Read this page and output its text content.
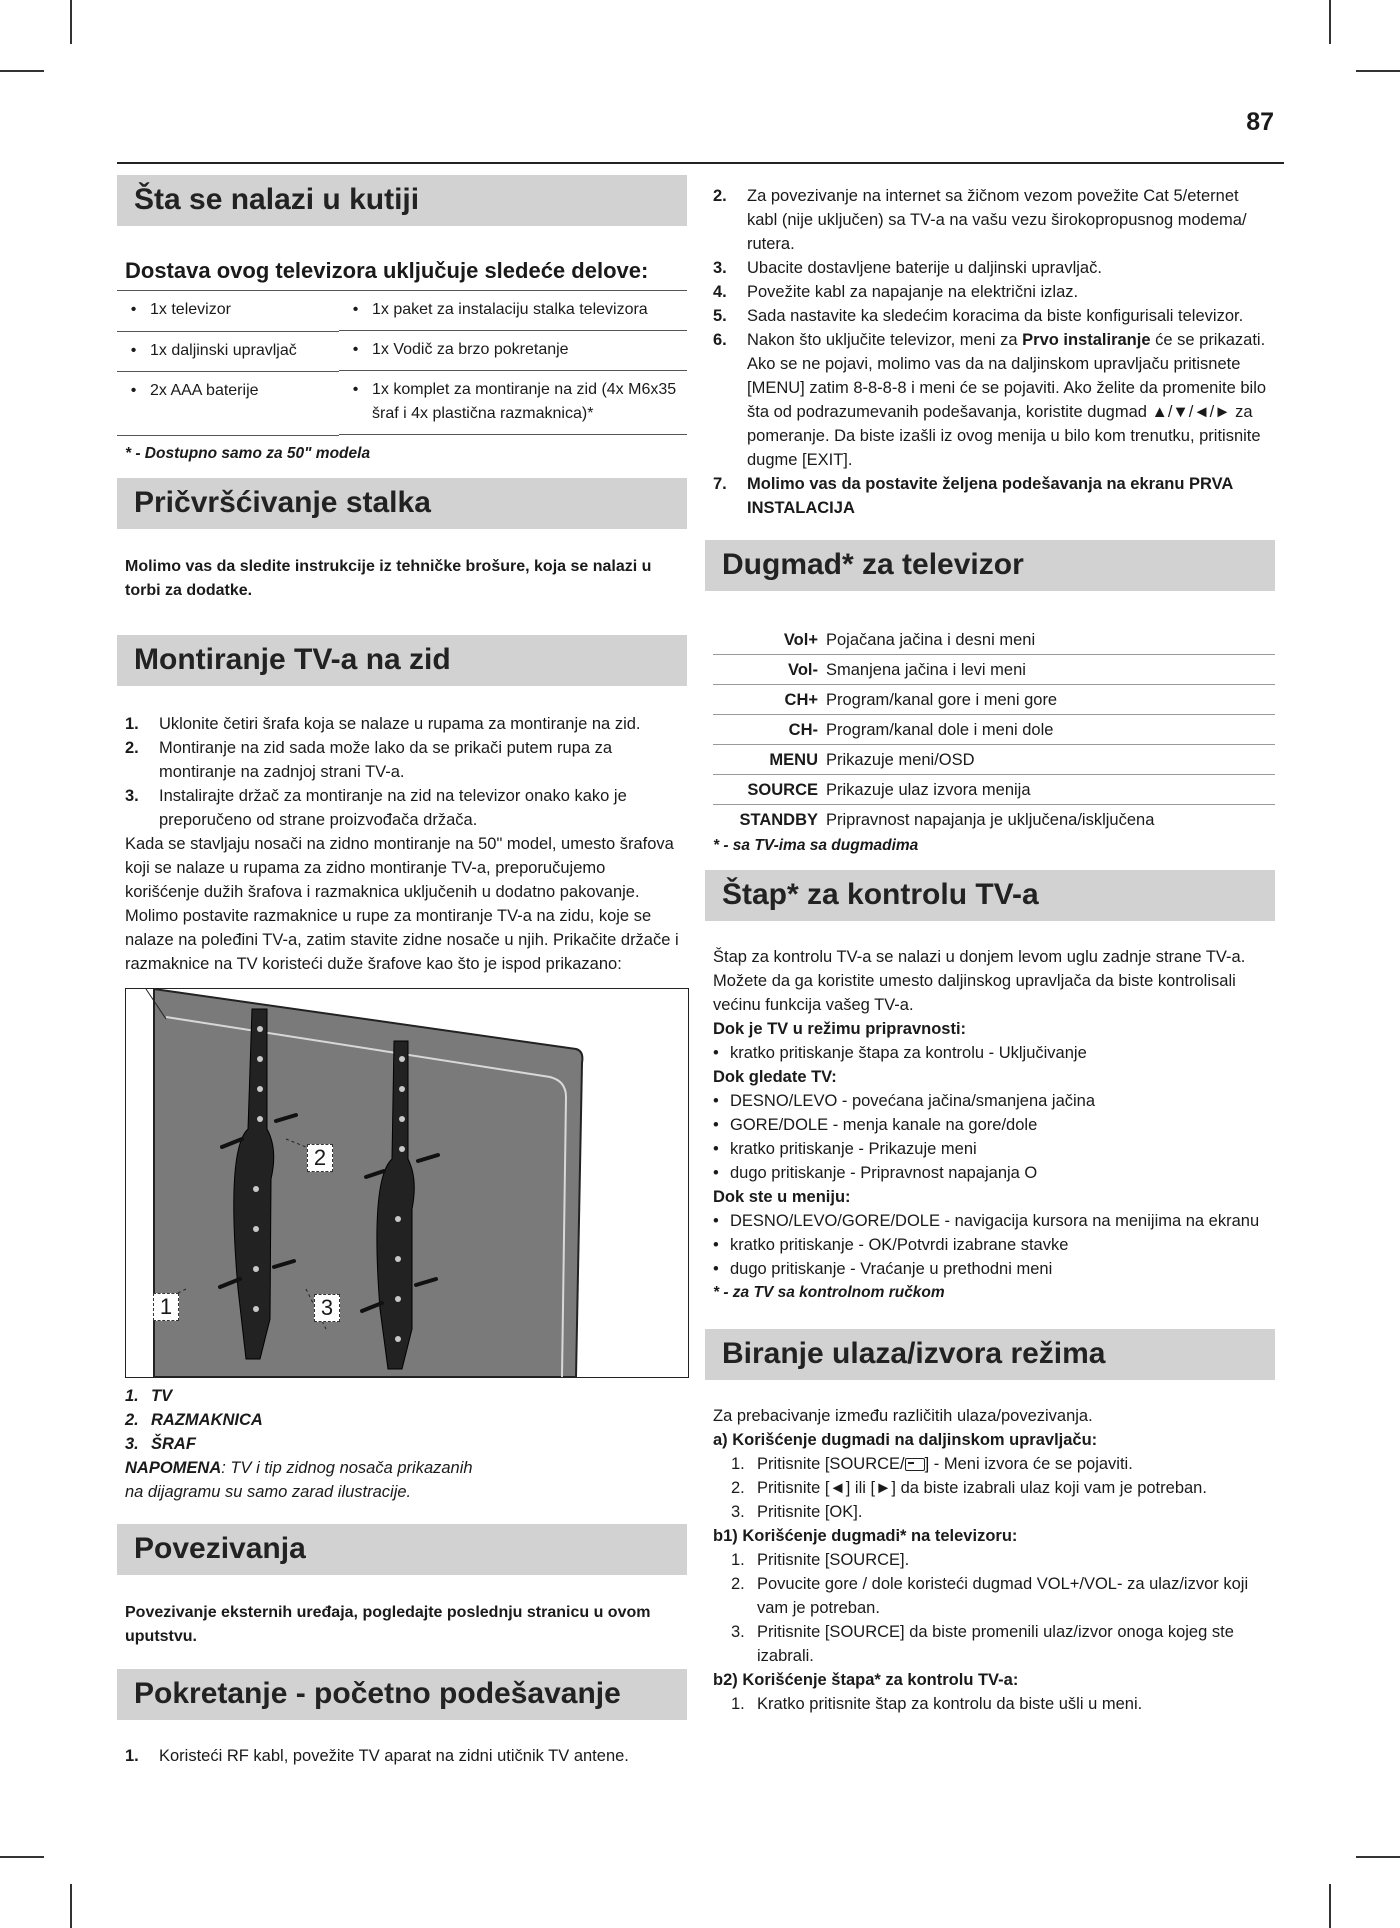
87
Šta se nalazi u kutiji

Dostava ovog televizora uključuje sledeće delove:

• 1x televizor		• 1x paket za instalaciju stalka televizora

• 1x daljinski upravljač		• 1x Vodič za brzo pokretanje

• 2x AAA baterije		• 1x komplet za montiranje na zid (4x M6x35 šraf i 4x plastična razmaknica)*

* - Dostupno samo za 50" modela

Pričvršćivanje stalka

Molimo vas da sledite instrukcije iz tehničke brošure, koja se nalazi u torbi za dodatke.

Montiranje TV-a na zid
1.	Uklonite četiri šrafa koja se nalaze u rupama za montiranje na zid.
2.	Montiranje na zid sada može lako da se prikači putem rupa za montiranje na zadnjoj strani TV-a.
3.	Instalirajte držač za montiranje na zid na televizor onako kako je preporučeno od strane proizvođača držača.

Kada se stavljaju nosači na zidno montiranje na 50" model, umesto šrafova koji se nalaze u rupama za zidno montiranje TV-a, preporučujemo korišćenje dužih šrafova i razmaknica uključenih u dodatno pakovanje. Molimo postavite razmaknice u rupe za montiranje TV-a na zidu, koje se nalaze na poleđini TV-a, zatim stavite zidne nosače u njih. Prikačite držače i razmaknice na TV koristeći duže šrafove kao što je ispod prikazano:

1
2
3
1. TV
2. RAZMAKNICA
3. ŠRAF

NAPOMENA: TV i tip zidnog nosača prikazanih na dijagramu su samo zarad ilustracije.

Povezivanja

Povezivanje eksternih uređaja, pogledajte poslednju stranicu u ovom uputstvu.

Pokretanje - početno podešavanje
1.	Koristeći RF kabl, povežite TV aparat na zidni utičnik TV antene.
2.	Za povezivanje na internet sa žičnom vezom povežite Cat 5/eternet kabl (nije uključen) sa TV-a na vašu vezu širokopropusnog modema/ rutera.
3.	Ubacite dostavljene baterije u daljinski upravljač.
4.	Povežite kabl za napajanje na električni izlaz.
5.	Sada nastavite ka sledećim koracima da biste konfigurisali televizor.
6.	Nakon što uključite televizor, meni za Prvo instaliranje će se prikazati. Ako se ne pojavi, molimo vas da na daljinskom upravljaču pritisnete [MENU] zatim 8-8-8-8 i meni će se pojaviti. Ako želite da promenite bilo šta od podrazumevanih podešavanja, koristite dugmad ▲/▼/◄/► za pomeranje. Da biste izašli iz ovog menija u bilo kom trenutku, pritisnite dugme [EXIT].
7.	Molimo vas da postavite željena podešavanja na ekranu PRVA INSTALACIJA
Dugmad* za televizor
Vol+	Pojačana jačina i desni meni
Vol-	Smanjena jačina i levi meni
CH+	Program/kanal gore i meni gore
CH-	Program/kanal dole i meni dole
MENU	Prikazuje meni/OSD
SOURCE	Prikazuje ulaz izvora menija
STANDBY	Pripravnost napajanja je uključena/isključena

* - sa TV-ima sa dugmadima

Štap* za kontrolu TV-a

Štap za kontrolu TV-a se nalazi u donjem levom uglu zadnje strane TV-a. Možete da ga koristite umesto daljinskog upravljača da biste kontrolisali većinu funkcija vašeg TV-a.

Dok je TV u režimu pripravnosti:

• kratko pritiskanje štapa za kontrolu - Uključivanje

Dok gledate TV:

• DESNO/LEVO - povećana jačina/smanjena jačina
• GORE/DOLE - menja kanale na gore/dole
• kratko pritiskanje - Prikazuje meni
• dugo pritiskanje - Pripravnost napajanja O

Dok ste u meniju:

• DESNO/LEVO/GORE/DOLE - navigacija kursora na menijima na ekranu
• kratko pritiskanje - OK/Potvrdi izabrane stavke
• dugo pritiskanje - Vraćanje u prethodni meni

* - za TV sa kontrolnom ručkom

Biranje ulaza/izvora režima

Za prebacivanje između različitih ulaza/povezivanja.

a) Korišćenje dugmadi na daljinskom upravljaču:

1. Pritisnite [SOURCE/ ] - Meni izvora će se pojaviti.
2. Pritisnite [◄] ili [►] da biste izabrali ulaz koji vam je potreban.
3. Pritisnite [OK].

b1) Korišćenje dugmadi* na televizoru:

1. Pritisnite [SOURCE].
2. Povucite gore / dole koristeći dugmad VOL+/VOL- za ulaz/izvor koji vam je potreban.
3. Pritisnite [SOURCE] da biste promenili ulaz/izvor onoga kojeg ste izabrali.

b2) Korišćenje štapa* za kontrolu TV-a:

1. Kratko pritisnite štap za kontrolu da biste ušli u meni.
